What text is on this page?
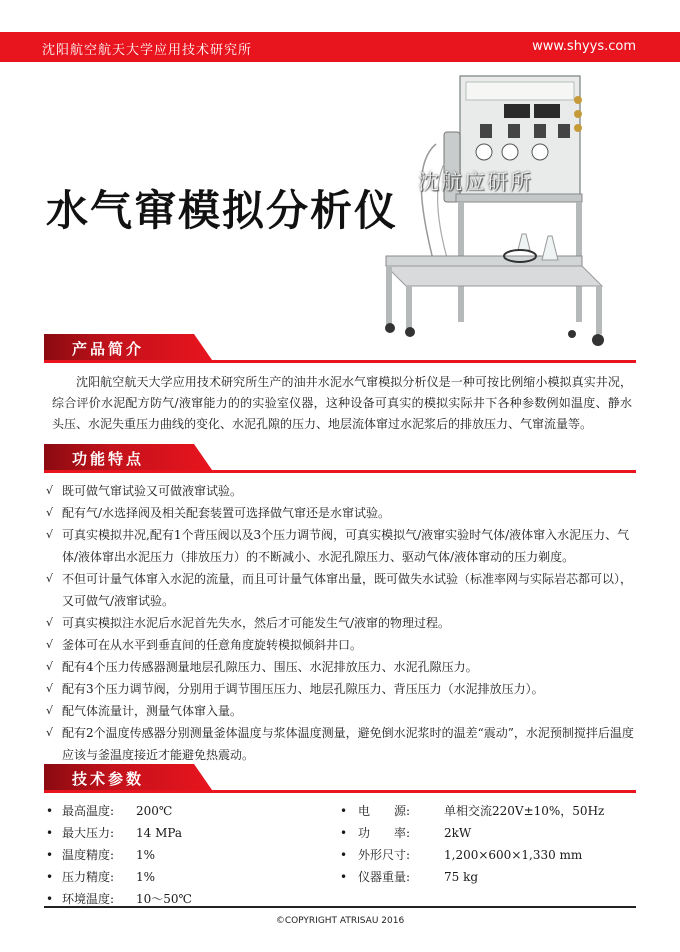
沈阳航空航天大学应用技术研究所	www.shyys.com
沈航应研所
水气窜模拟分析仪
产品简介
沈阳航空航天大学应用技术研究所生产的油井水泥水气窜模拟分析仪是一种可按比例缩小模拟真实井况，综合评价水泥配方防气/液窜能力的的实验室仪器，这种设备可真实的模拟实际井下各种参数例如温度、静水头压、水泥失重压力曲线的变化、水泥孔隙的压力、地层流体窜过水泥浆后的排放压力、气窜流量等。
功能特点
√ 既可做气窜试验又可做液窜试验。
√ 配有气/水选择阀及相关配套装置可选择做气窜还是水窜试验。
√ 可真实模拟井况,配有1个背压阀以及3个压力调节阀，可真实模拟气/液窜实验时气体/液体窜入水泥压力、气体/液体窜出水泥压力（排放压力）的不断减小、水泥孔隙压力、驱动气体/液体窜动的压力剃度。
√ 不但可计量气体窜入水泥的流量，而且可计量气体窜出量，既可做失水试验（标准率网与实际岩芯都可以），又可做气/液窜试验。
√ 可真实模拟注水泥后水泥首先失水，然后才可能发生气/液窜的物理过程。
√ 釜体可在从水平到垂直间的任意角度旋转模拟倾斜井口。
√ 配有4个压力传感器测量地层孔隙压力、围压、水泥排放压力、水泥孔隙压力。
√ 配有3个压力调节阀，分别用于调节围压压力、地层孔隙压力、背压压力（水泥排放压力）。
√ 配气体流量计，测量气体窜入量。
√ 配有2个温度传感器分别测量釜体温度与浆体温度测量，避免倒水泥浆时的温差“震动”，水泥预制搅拌后温度应该与釜温度接近才能避免热震动。
技术参数
• 最高温度: 200℃
• 最大压力: 14 MPa
• 温度精度: 1%
• 压力精度: 1%
• 环境温度: 10～50℃
• 电　　源:	单相交流220V±10%，50Hz
• 功　　率:	2kW
• 外形尺寸:	1,200×600×1,330 mm
• 仪器重量:	75 kg
©COPYRIGHT ATRISAU 2016
